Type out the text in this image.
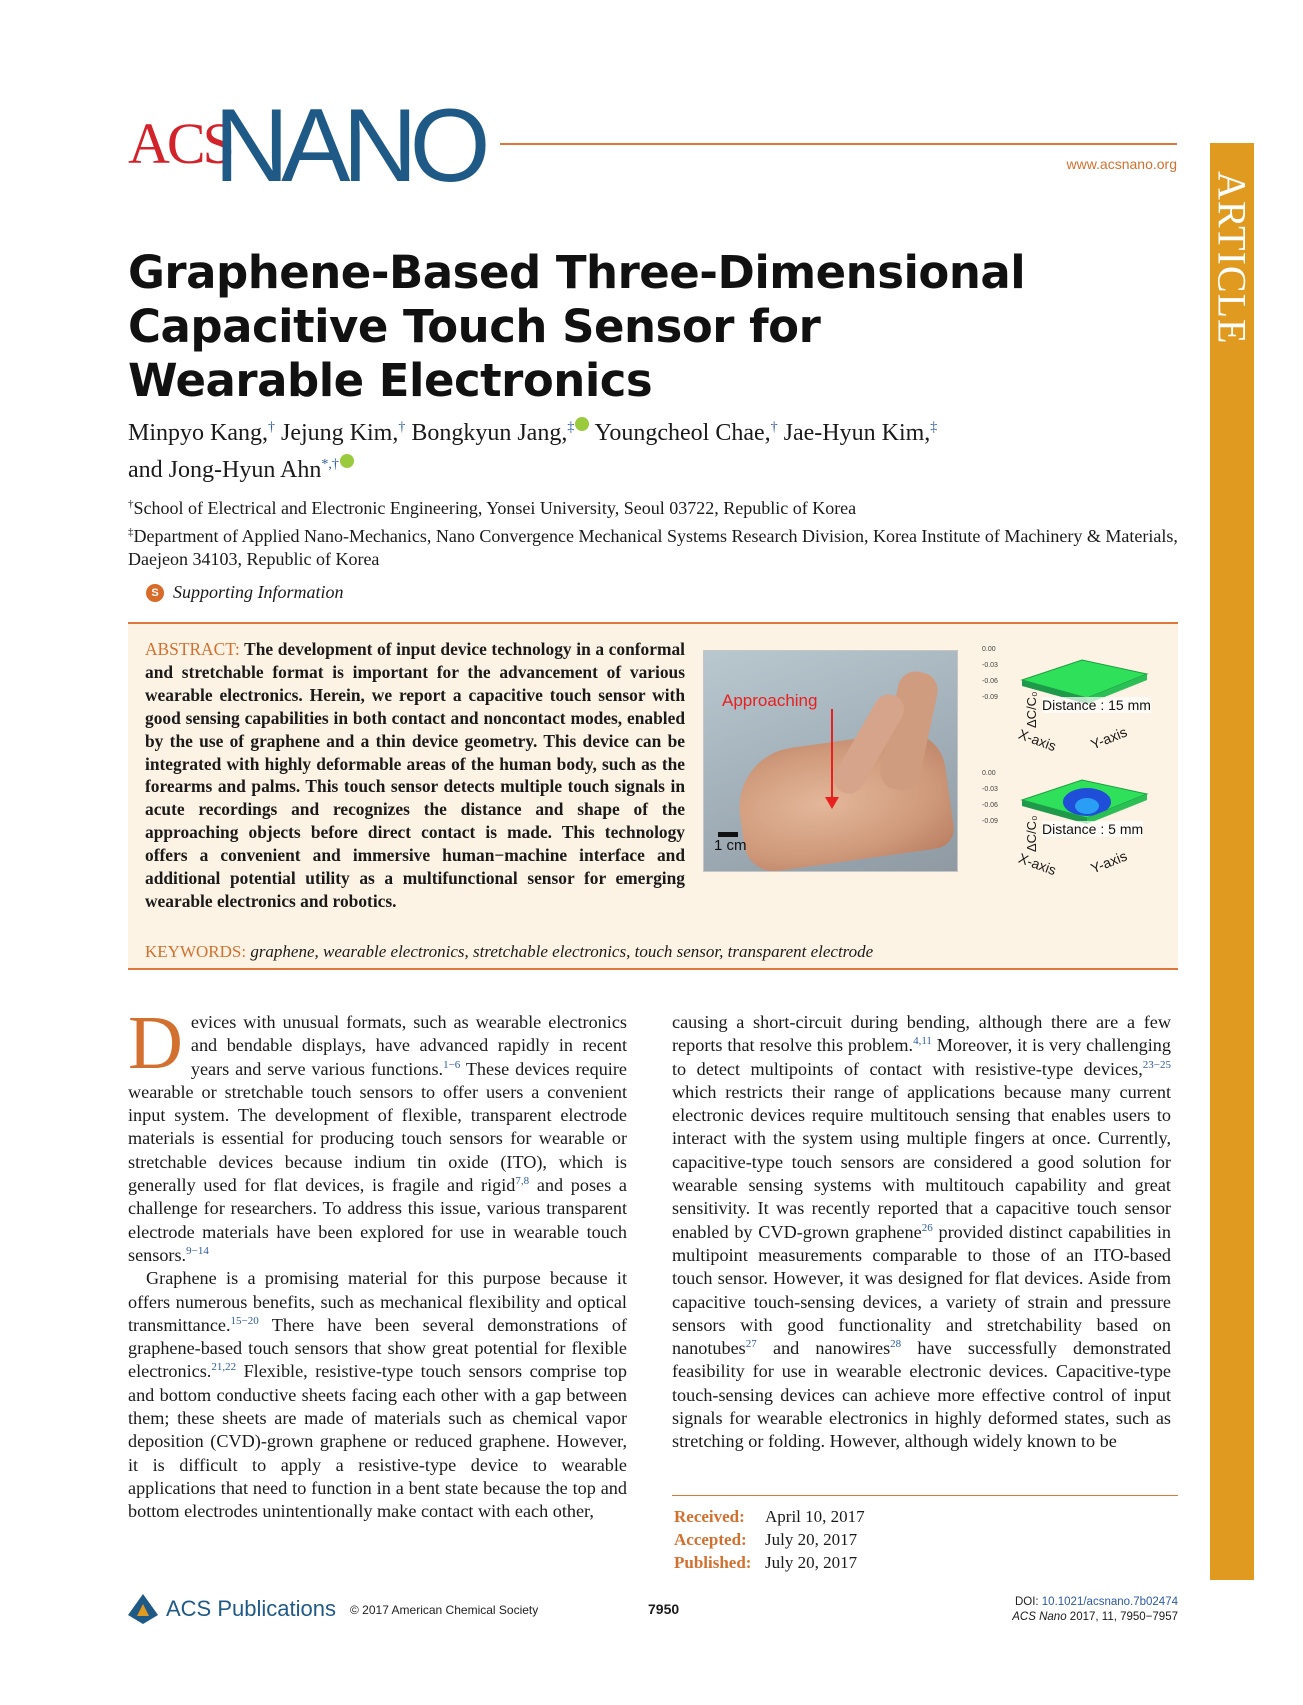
ACS
NANO	www.acsnano.org
ARTICLE
Graphene-Based Three-Dimensional Capacitive Touch Sensor for Wearable Electronics
Minpyo Kang,† Jejung Kim,† Bongkyun Jang,‡ Youngcheol Chae,† Jae-Hyun Kim,‡
and Jong-Hyun Ahn*,†
†School of Electrical and Electronic Engineering, Yonsei University, Seoul 03722, Republic of Korea
‡Department of Applied Nano-Mechanics, Nano Convergence Mechanical Systems Research Division, Korea Institute of Machinery & Materials, Daejeon 34103, Republic of Korea
S Supporting Information
ABSTRACT: The development of input device technology in a conformal and stretchable format is important for the advancement of various wearable electronics. Herein, we report a capacitive touch sensor with good sensing capabilities in both contact and noncontact modes, enabled by the use of graphene and a thin device geometry. This device can be integrated with highly deformable areas of the human body, such as the forearms and palms. This touch sensor detects multiple touch signals in acute recordings and recognizes the distance and shape of the approaching objects before direct contact is made. This technology offers a convenient and immersive human−machine interface and additional potential utility as a multifunctional sensor for emerging wearable electronics and robotics.
Approaching
1 cm
ΔC/C₀
0.00
-0.03
-0.06
-0.09	Distance : 15 mm
X-axis Y-axis
ΔC/C₀
0.00
-0.03
-0.06
-0.09	Distance : 5 mm
X-axis Y-axis
KEYWORDS: graphene, wearable electronics, stretchable electronics, touch sensor, transparent electrode

Devices with unusual formats, such as wearable electronics and bendable displays, have advanced rapidly in recent years and serve various functions.$^{1-6}$ These devices require wearable or stretchable touch sensors to offer users a convenient input system. The development of flexible, transparent electrode materials is essential for producing touch sensors for wearable or stretchable devices because indium tin oxide (ITO), which is generally used for flat devices, is fragile and rigid$^{7,8}$ and poses a challenge for researchers. To address this issue, various transparent electrode materials have been explored for use in wearable touch sensors.$^{9-14}$

Graphene is a promising material for this purpose because it offers numerous benefits, such as mechanical flexibility and optical transmittance.$^{15-20}$ There have been several demonstrations of graphene-based touch sensors that show great potential for flexible electronics.$^{21,22}$ Flexible, resistive-type touch sensors comprise top and bottom conductive sheets facing each other with a gap between them; these sheets are made of materials such as chemical vapor deposition (CVD)-grown graphene or reduced graphene. However, it is difficult to apply a resistive-type device to wearable applications that need to function in a bent state because the top and bottom electrodes unintentionally make contact with each other,

causing a short-circuit during bending, although there are a few reports that resolve this problem.$^{4,11}$ Moreover, it is very challenging to detect multipoints of contact with resistive-type devices,$^{23-25}$ which restricts their range of applications because many current electronic devices require multitouch sensing that enables users to interact with the system using multiple fingers at once. Currently, capacitive-type touch sensors are considered a good solution for wearable sensing systems with multitouch capability and great sensitivity. It was recently reported that a capacitive touch sensor enabled by CVD-grown graphene$^{26}$ provided distinct capabilities in multipoint measurements comparable to those of an ITO-based touch sensor. However, it was designed for flat devices. Aside from capacitive touch-sensing devices, a variety of strain and pressure sensors with good functionality and stretchability based on nanotubes$^{27}$ and nanowires$^{28}$ have successfully demonstrated feasibility for use in wearable electronic devices. Capacitive-type touch-sensing devices can achieve more effective control of input signals for wearable electronics in highly deformed states, such as stretching or folding. However, although widely known to be

Received:	April 10, 2017
Accepted:	July 20, 2017
Published: July 20, 2017
ACS Publications © 2017 American Chemical Society	7950	DOI: 10.1021/acsnano.7b02474
ACS Nano 2017, 11, 7950−7957
